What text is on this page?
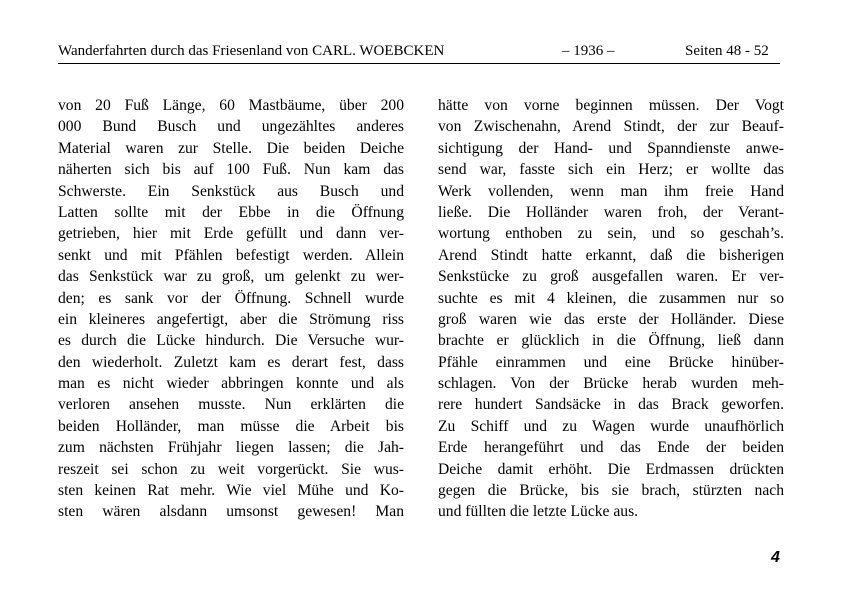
Wanderfahrten durch das Friesenland von CARL. WOEBCKEN	– 1936 –	Seiten 48 - 52
von 20 Fuß Länge, 60 Mastbäume, über 200
000 Bund Busch und ungezähltes anderes
Material waren zur Stelle. Die beiden Deiche
näherten sich bis auf 100 Fuß. Nun kam das
Schwerste. Ein Senkstück aus Busch und
Latten sollte mit der Ebbe in die Öffnung
getrieben, hier mit Erde gefüllt und dann ver-
senkt und mit Pfählen befestigt werden. Allein
das Senkstück war zu groß, um gelenkt zu wer-
den; es sank vor der Öffnung. Schnell wurde
ein kleineres angefertigt, aber die Strömung riss
es durch die Lücke hindurch. Die Versuche wur-
den wiederholt. Zuletzt kam es derart fest, dass
man es nicht wieder abbringen konnte und als
verloren ansehen musste. Nun erklärten die
beiden Holländer, man müsse die Arbeit bis
zum nächsten Frühjahr liegen lassen; die Jah-
reszeit sei schon zu weit vorgerückt. Sie wus-
sten keinen Rat mehr. Wie viel Mühe und Ko-
sten wären alsdann umsonst gewesen! Man
hätte von vorne beginnen müssen. Der Vogt
von Zwischenahn, Arend Stindt, der zur Beauf-
sichtigung der Hand- und Spanndienste anwe-
send war, fasste sich ein Herz; er wollte das
Werk vollenden, wenn man ihm freie Hand
ließe. Die Holländer waren froh, der Verant-
wortung enthoben zu sein, und so geschah’s.
Arend Stindt hatte erkannt, daß die bisherigen
Senkstücke zu groß ausgefallen waren. Er ver-
suchte es mit 4 kleinen, die zusammen nur so
groß waren wie das erste der Holländer. Diese
brachte er glücklich in die Öffnung, ließ dann
Pfähle einrammen und eine Brücke hinüber-
schlagen. Von der Brücke herab wurden meh-
rere hundert Sandsäcke in das Brack geworfen.
Zu Schiff und zu Wagen wurde unaufhörlich
Erde herangeführt und das Ende der beiden
Deiche damit erhöht. Die Erdmassen drückten
gegen die Brücke, bis sie brach, stürzten nach
und füllten die letzte Lücke aus.
4
